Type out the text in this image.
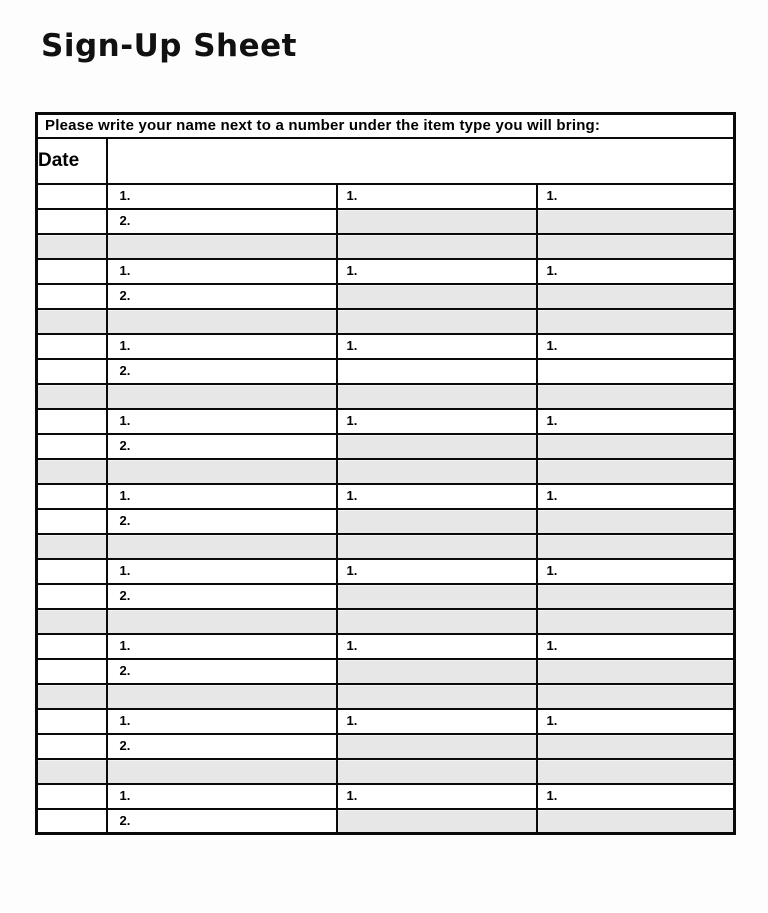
Sign-Up Sheet
Please write your name next to a number under the item type you will bring:			
Date			
	1.	1.	1.
	2.		

	1.	1.	1.
	2.		

	1.	1.	1.
	2.		

	1.	1.	1.
	2.		

	1.	1.	1.
	2.		

	1.	1.	1.
	2.		

	1.	1.	1.
	2.		

	1.	1.	1.
	2.		

	1.	1.	1.
	2.		
